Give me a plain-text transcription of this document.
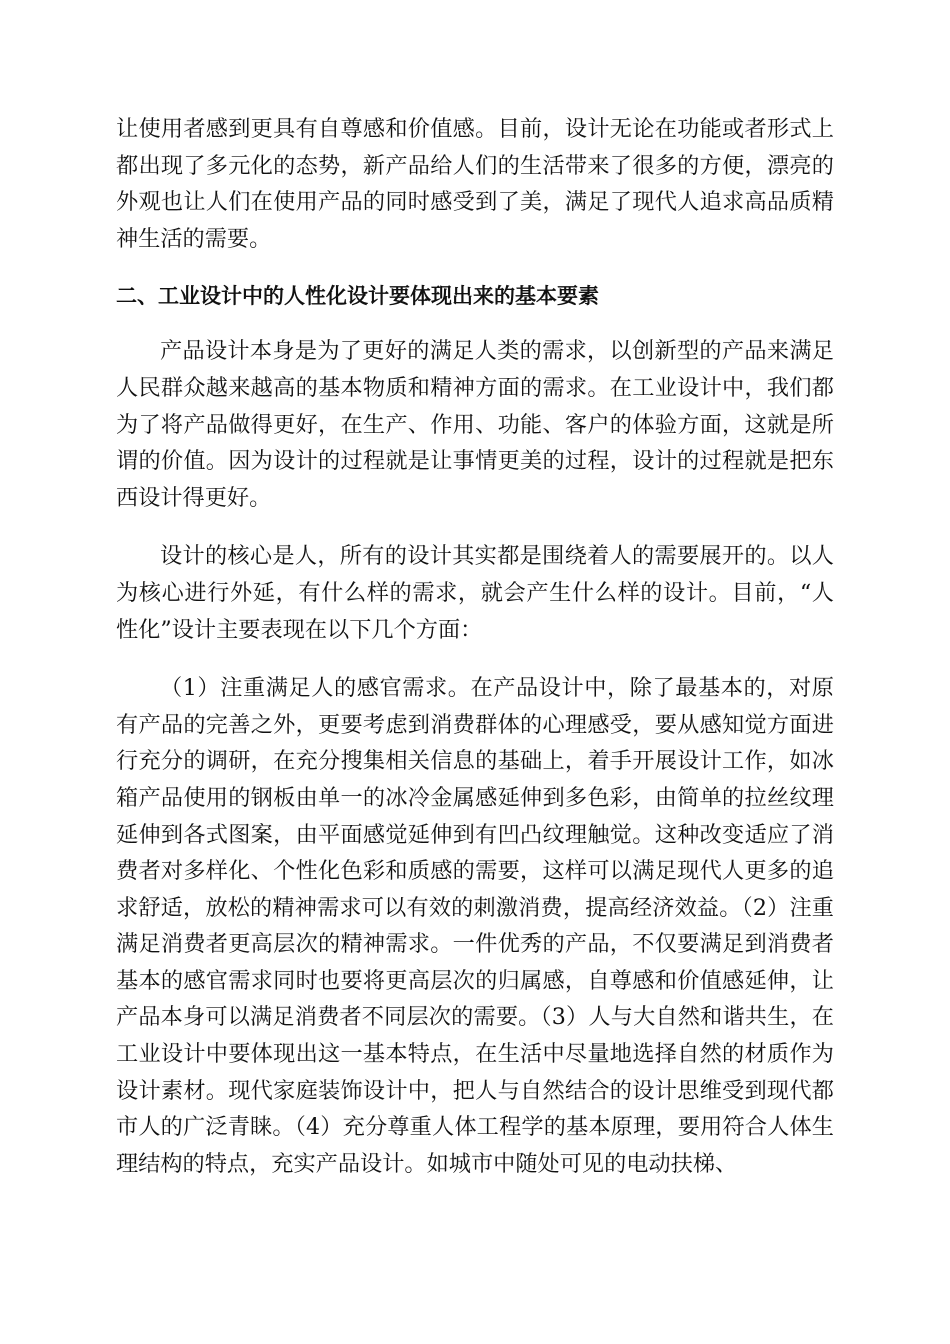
让使用者感到更具有自尊感和价值感。目前，设计无论在功能或者形式上都出现了多元化的态势，新产品给人们的生活带来了很多的方便，漂亮的外观也让人们在使用产品的同时感受到了美，满足了现代人追求高品质精神生活的需要。

二、工业设计中的人性化设计要体现出来的基本要素

产品设计本身是为了更好的满足人类的需求，以创新型的产品来满足人民群众越来越高的基本物质和精神方面的需求。在工业设计中，我们都为了将产品做得更好，在生产、作用、功能、客户的体验方面，这就是所谓的价值。因为设计的过程就是让事情更美的过程，设计的过程就是把东西设计得更好。

设计的核心是人，所有的设计其实都是围绕着人的需要展开的。以人为核心进行外延，有什么样的需求，就会产生什么样的设计。目前，“人性化”设计主要表现在以下几个方面：

（1）注重满足人的感官需求。在产品设计中，除了最基本的，对原有产品的完善之外，更要考虑到消费群体的心理感受，要从感知觉方面进行充分的调研，在充分搜集相关信息的基础上，着手开展设计工作，如冰箱产品使用的钢板由单一的冰冷金属感延伸到多色彩，由简单的拉丝纹理延伸到各式图案，由平面感觉延伸到有凹凸纹理触觉。这种改变适应了消费者对多样化、个性化色彩和质感的需要，这样可以满足现代人更多的追求舒适，放松的精神需求可以有效的刺激消费，提高经济效益。（2）注重满足消费者更高层次的精神需求。一件优秀的产品，不仅要满足到消费者基本的感官需求同时也要将更高层次的归属感，自尊感和价值感延伸，让产品本身可以满足消费者不同层次的需要。（3）人与大自然和谐共生，在工业设计中要体现出这一基本特点，在生活中尽量地选择自然的材质作为设计素材。现代家庭装饰设计中，把人与自然结合的设计思维受到现代都市人的广泛青睐。（4）充分尊重人体工程学的基本原理，要用符合人体生理结构的特点，充实产品设计。如城市中随处可见的电动扶梯、
